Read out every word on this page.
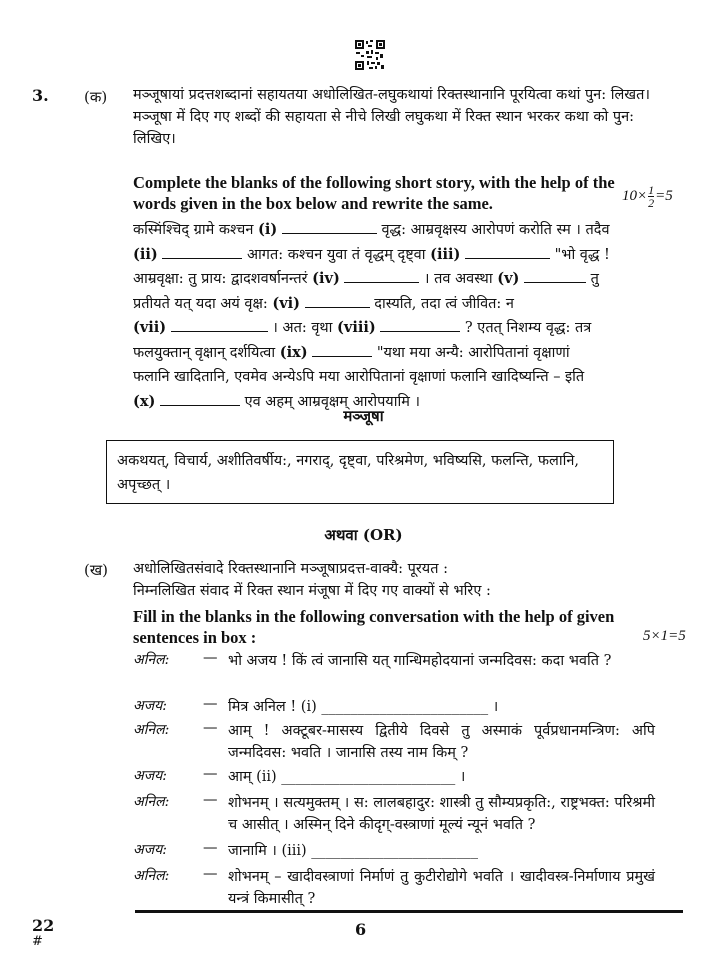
3. (क) मञ्जूषायां प्रदत्तशब्दानां सहायतया अधोलिखित-लघुकथायां रिक्तस्थानानि पूरयित्वा कथां पुन: लिखत।

मञ्जूषा में दिए गए शब्दों की सहायता से नीचे लिखी लघुकथा में रिक्त स्थान भरकर कथा को पुन: लिखिए।

Complete the blanks of the following short story, with the help of the words given in the box below and rewrite the same.	$10\times \frac{1}{2} =5$
कस्मिंश्चिद् ग्रामे कश्चन (i)	वृद्ध: आम्रवृक्षस्य आरोपणं करोति स्म । तदैव
(ii)	आगत: कश्चन युवा तं वृद्धम् दृष्ट्वा (iii)	"भो वृद्ध !
आम्रवृक्षा: तु प्राय: द्वादशवर्षानन्तरं (iv)	। तव अवस्था (v)	तु
प्रतीयते यत् यदा अयं वृक्ष: (vi)	दास्यति, तदा त्वं जीवित: न
(vii)	। अत: वृथा (viii)	? एतत् निशम्य वृद्ध: तत्र
फलयुक्तान् वृक्षान् दर्शयित्वा (ix)	"यथा मया अन्यै: आरोपितानां वृक्षाणां
फलानि खादितानि, एवमेव अन्येऽपि मया आरोपितानां वृक्षाणां फलानि खादिष्यन्ति – इति
(x)	एव अहम् आम्रवृक्षम् आरोपयामि ।
मञ्जूषा
अकथयत्, विचार्य, अशीतिवर्षीय:, नगराद्, दृष्ट्वा, परिश्रमेण, भविष्यसि, फलन्ति, फलानि, अपृच्छत् ।
अथवा (OR)
(ख) अधोलिखितसंवादे रिक्तस्थानानि मञ्जूषाप्रदत्त-वाक्यै: पूरयत :

निम्नलिखित संवाद में रिक्त स्थान मंजूषा में दिए गए वाक्यों से भरिए :

Fill in the blanks in the following conversation with the help of given sentences in box :	5×1=5
अनिल: — भो अजय ! किं त्वं जानासि यत् गान्धिमहोदयानां जन्मदिवस: कदा भवति ?
अजय: — मित्र अनिल ! (i) _______________________ ।
अनिल: — आम् ! अक्टूबर-मासस्य द्वितीये दिवसे तु अस्माकं पूर्वप्रधानमन्त्रिण: अपि जन्मदिवस: भवति । जानासि तस्य नाम किम् ?
अजय: — आम् (ii) ________________________ ।
अनिल: — शोभनम् । सत्यमुक्तम् । स: लालबहादुर: शास्त्री तु सौम्यप्रकृति:, राष्ट्रभक्त: परिश्रमी च आसीत् । अस्मिन् दिने कीदृग्-वस्त्राणां मूल्यं न्यूनं भवति ?
अजय: — जानामि । (iii) _______________________
अनिल: — शोभनम् – खादीवस्त्राणां निर्माणं तु कुटीरोद्योगे भवति । खादीवस्त्र-निर्माणाय प्रमुखं यन्त्रं किमासीत् ?
6
22
#
